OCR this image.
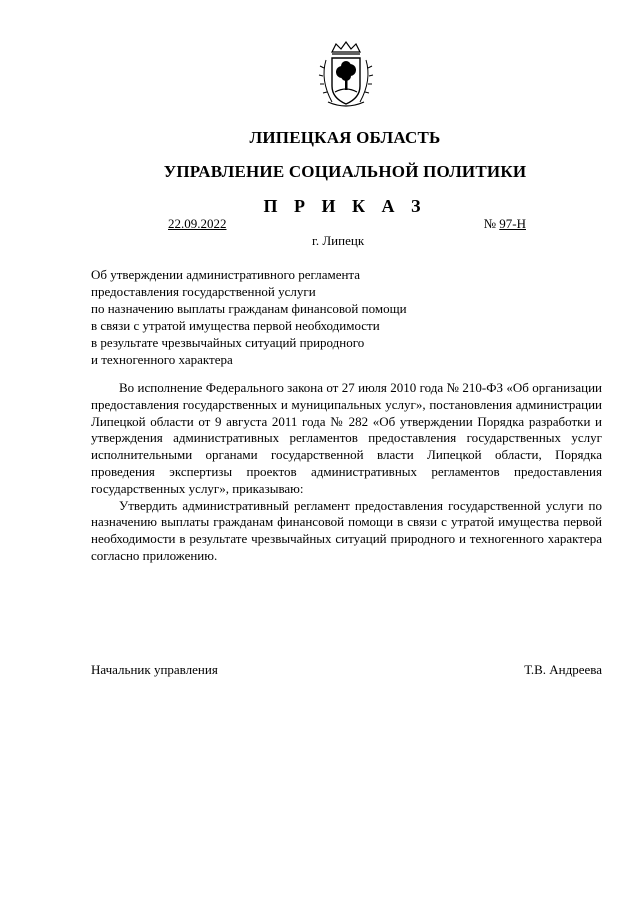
ЛИПЕЦКАЯ ОБЛАСТЬ
УПРАВЛЕНИЕ СОЦИАЛЬНОЙ ПОЛИТИКИ
П Р И К А З
22.09.2022	№ 97-Н
г. Липецк
Об утверждении административного регламента
предоставления государственной услуги
по назначению выплаты гражданам финансовой помощи
в связи с утратой имущества первой необходимости
в результате чрезвычайных ситуаций природного
и техногенного характера

Во исполнение Федерального закона от 27 июля 2010 года № 210-ФЗ «Об организации предоставления государственных и муниципальных услуг», постановления администрации Липецкой области от 9 августа 2011 года № 282 «Об утверждении Порядка разработки и утверждения административных регламентов предоставления государственных услуг исполнительными органами государственной власти Липецкой области, Порядка проведения экспертизы проектов административных регламентов предоставления государственных услуг», приказываю:

Утвердить административный регламент предоставления государственной услуги по назначению выплаты гражданам финансовой помощи в связи с утратой имущества первой необходимости в результате чрезвычайных ситуаций природного и техногенного характера согласно приложению.

Начальник управления	Т.В. Андреева
